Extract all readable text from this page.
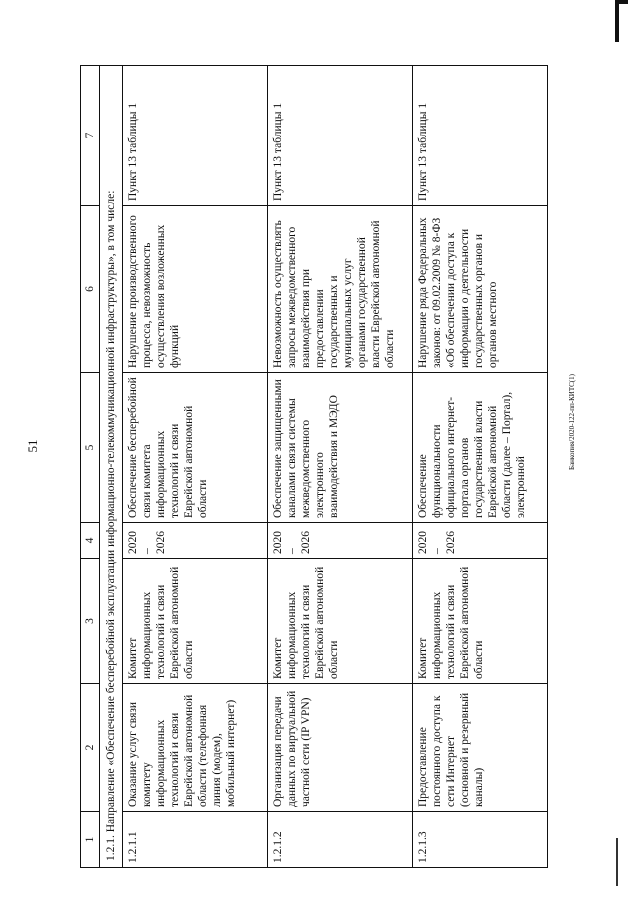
51	Банкопия/2020-122-пп-КИТС(1)
1	2	3	4	5	6	7
1.2.1. Направление «Обеспечение бесперебойной эксплуатации информационно-телекоммуникационной инфраструктуры», в том числе:						
1.2.1.1	Оказание услуг связи комитету информационных технологий и связи Еврейской автономной области (телефонная линия (модем), мобильный интернет)	Комитет информационных технологий и связи Еврейской автономной области	2020 – 2026	Обеспечение бесперебойной связи комитета информационных технологий и связи Еврейской автономной области	Нарушение производственного процесса, невозможность осуществления возложенных функций	Пункт 13 таблицы 1
1.2.1.2	Организация передачи данных по виртуальной частной сети (IP VPN)	Комитет информационных технологий и связи Еврейской автономной области	2020 – 2026	Обеспечение защищенными каналами связи системы межведомственного электронного взаимодействия и МЭДО	Невозможность осуществлять запросы межведомственного взаимодействия при предоставлении государственных и муниципальных услуг органами государственной власти Еврейской автономной области	Пункт 13 таблицы 1
1.2.1.3	Предоставление постоянного доступа к сети Интернет (основной и резервный каналы)	Комитет информационных технологий и связи Еврейской автономной области	2020 – 2026	Обеспечение функциональности официального интернет-портала органов государственной власти Еврейской автономной области (далее – Портал), электронной	Нарушение ряда Федеральных законов: от 09.02.2009 № 8-ФЗ «Об обеспечении доступа к информации о деятельности государственных органов и органов местного	Пункт 13 таблицы 1
